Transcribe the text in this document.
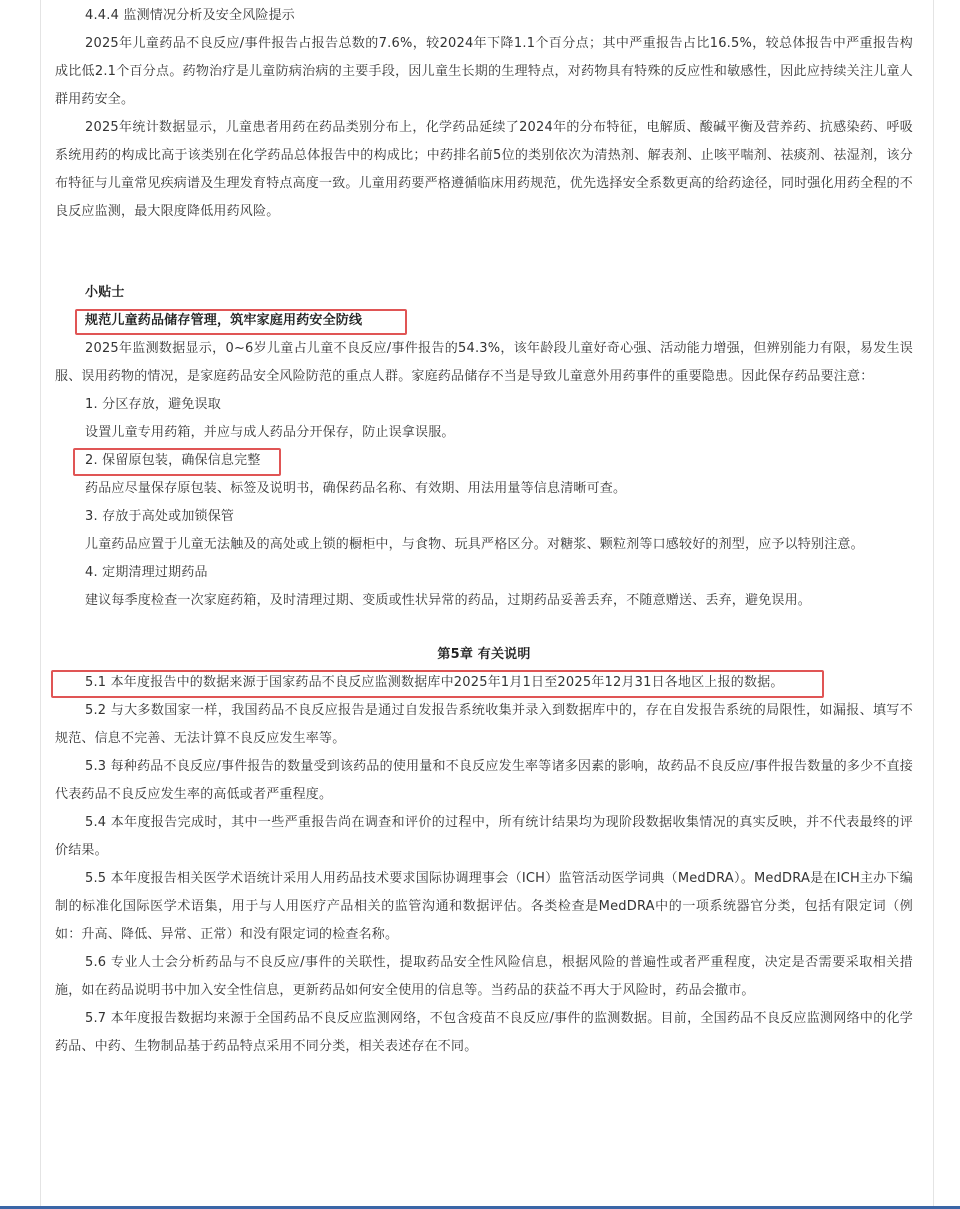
4.4.4 监测情况分析及安全风险提示

2025年儿童药品不良反应/事件报告占报告总数的7.6%，较2024年下降1.1个百分点；其中严重报告占比16.5%，较总体报告中严重报告构成比低2.1个百分点。药物治疗是儿童防病治病的主要手段，因儿童生长期的生理特点，对药物具有特殊的反应性和敏感性，因此应持续关注儿童人群用药安全。

2025年统计数据显示，儿童患者用药在药品类别分布上，化学药品延续了2024年的分布特征，电解质、酸碱平衡及营养药、抗感染药、呼吸系统用药的构成比高于该类别在化学药品总体报告中的构成比；中药排名前5位的类别依次为清热剂、解表剂、止咳平喘剂、祛痰剂、祛湿剂，该分布特征与儿童常见疾病谱及生理发育特点高度一致。儿童用药要严格遵循临床用药规范，优先选择安全系数更高的给药途径，同时强化用药全程的不良反应监测，最大限度降低用药风险。

小贴士

规范儿童药品储存管理，筑牢家庭用药安全防线

2025年监测数据显示，0~6岁儿童占儿童不良反应/事件报告的54.3%，该年龄段儿童好奇心强、活动能力增强，但辨别能力有限，易发生误服、误用药物的情况，是家庭药品安全风险防范的重点人群。家庭药品储存不当是导致儿童意外用药事件的重要隐患。因此保存药品要注意：

1. 分区存放，避免误取

设置儿童专用药箱，并应与成人药品分开保存，防止误拿误服。

2. 保留原包装，确保信息完整

药品应尽量保存原包装、标签及说明书，确保药品名称、有效期、用法用量等信息清晰可查。

3. 存放于高处或加锁保管

儿童药品应置于儿童无法触及的高处或上锁的橱柜中，与食物、玩具严格区分。对糖浆、颗粒剂等口感较好的剂型，应予以特别注意。

4. 定期清理过期药品

建议每季度检查一次家庭药箱，及时清理过期、变质或性状异常的药品，过期药品妥善丢弃，不随意赠送、丢弃，避免误用。

第5章 有关说明

5.1 本年度报告中的数据来源于国家药品不良反应监测数据库中2025年1月1日至2025年12月31日各地区上报的数据。

5.2 与大多数国家一样，我国药品不良反应报告是通过自发报告系统收集并录入到数据库中的，存在自发报告系统的局限性，如漏报、填写不规范、信息不完善、无法计算不良反应发生率等。

5.3 每种药品不良反应/事件报告的数量受到该药品的使用量和不良反应发生率等诸多因素的影响，故药品不良反应/事件报告数量的多少不直接代表药品不良反应发生率的高低或者严重程度。

5.4 本年度报告完成时，其中一些严重报告尚在调查和评价的过程中，所有统计结果均为现阶段数据收集情况的真实反映，并不代表最终的评价结果。

5.5 本年度报告相关医学术语统计采用人用药品技术要求国际协调理事会（ICH）监管活动医学词典（MedDRA）。MedDRA是在ICH主办下编制的标准化国际医学术语集，用于与人用医疗产品相关的监管沟通和数据评估。各类检查是MedDRA中的一项系统器官分类，包括有限定词（例如：升高、降低、异常、正常）和没有限定词的检查名称。

5.6 专业人士会分析药品与不良反应/事件的关联性，提取药品安全性风险信息，根据风险的普遍性或者严重程度，决定是否需要采取相关措施，如在药品说明书中加入安全性信息，更新药品如何安全使用的信息等。当药品的获益不再大于风险时，药品会撤市。

5.7 本年度报告数据均来源于全国药品不良反应监测网络，不包含疫苗不良反应/事件的监测数据。目前，全国药品不良反应监测网络中的化学药品、中药、生物制品基于药品特点采用不同分类，相关表述存在不同。
